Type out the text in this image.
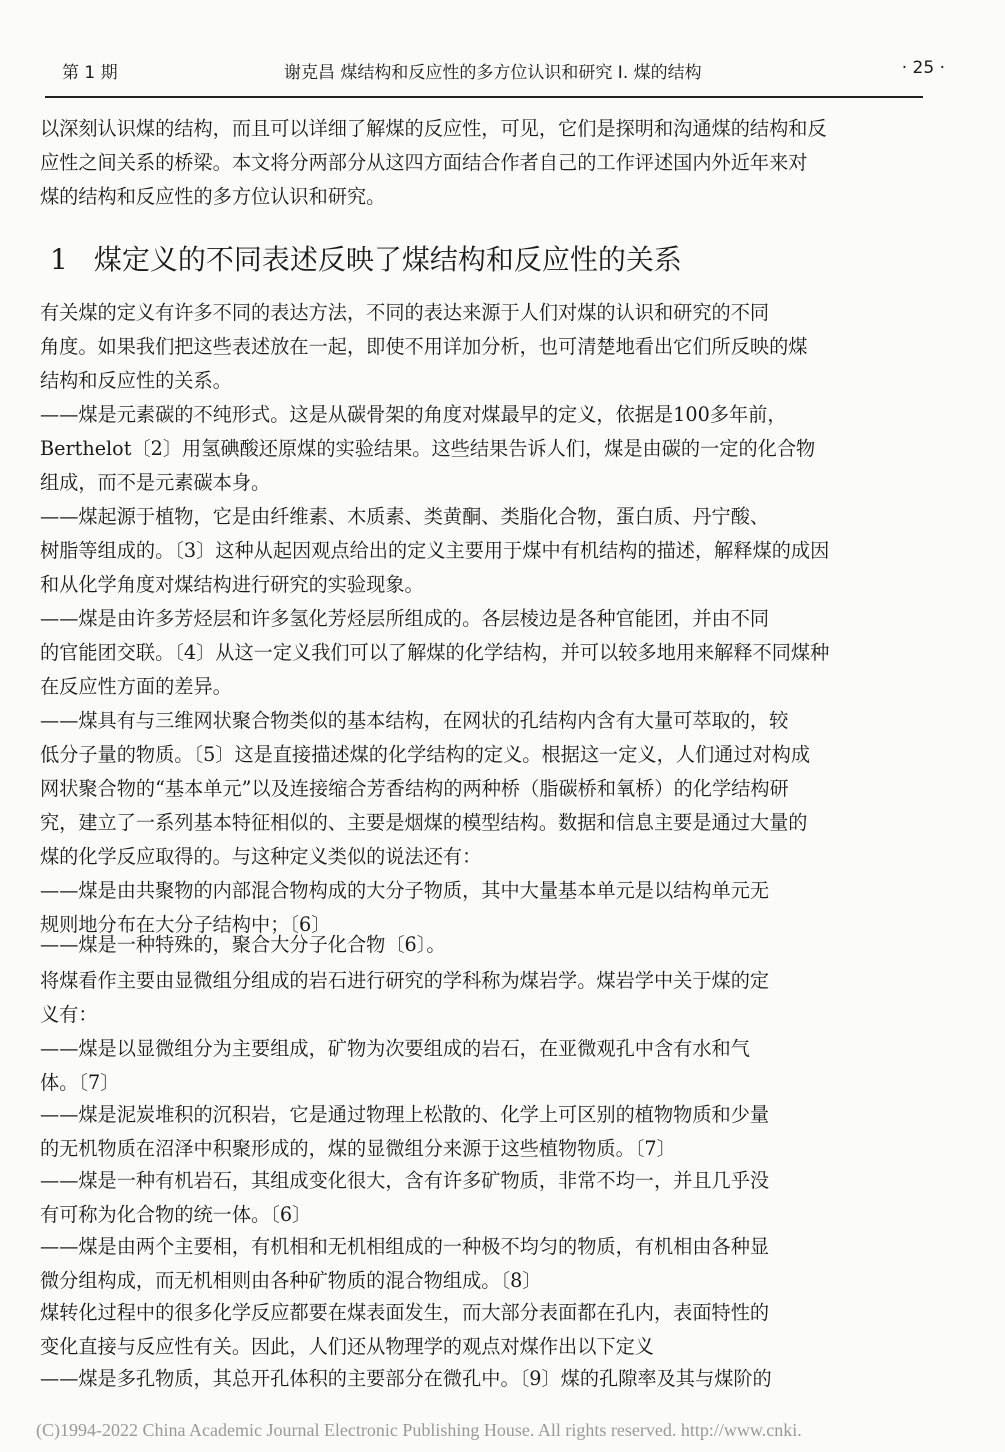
第 1 期	谢克昌 煤结构和反应性的多方位认识和研究 Ⅰ. 煤的结构	· 25 ·
以深刻认识煤的结构，而且可以详细了解煤的反应性，可见，它们是探明和沟通煤的结构和反
应性之间关系的桥梁。本文将分两部分从这四方面结合作者自己的工作评述国内外近年来对
煤的结构和反应性的多方位认识和研究。
1 煤定义的不同表述反映了煤结构和反应性的关系
有关煤的定义有许多不同的表达方法，不同的表达来源于人们对煤的认识和研究的不同
角度。如果我们把这些表述放在一起，即使不用详加分析，也可清楚地看出它们所反映的煤
结构和反应性的关系。
——煤是元素碳的不纯形式。这是从碳骨架的角度对煤最早的定义，依据是100多年前，
Berthelot〔2〕用氢碘酸还原煤的实验结果。这些结果告诉人们，煤是由碳的一定的化合物
组成，而不是元素碳本身。
——煤起源于植物，它是由纤维素、木质素、类黄酮、类脂化合物，蛋白质、丹宁酸、
树脂等组成的。〔3〕这种从起因观点给出的定义主要用于煤中有机结构的描述，解释煤的成因
和从化学角度对煤结构进行研究的实验现象。
——煤是由许多芳烃层和许多氢化芳烃层所组成的。各层棱边是各种官能团，并由不同
的官能团交联。〔4〕从这一定义我们可以了解煤的化学结构，并可以较多地用来解释不同煤种
在反应性方面的差异。
——煤具有与三维网状聚合物类似的基本结构，在网状的孔结构内含有大量可萃取的，较
低分子量的物质。〔5〕这是直接描述煤的化学结构的定义。根据这一定义，人们通过对构成
网状聚合物的“基本单元”以及连接缩合芳香结构的两种桥（脂碳桥和氧桥）的化学结构研
究，建立了一系列基本特征相似的、主要是烟煤的模型结构。数据和信息主要是通过大量的
煤的化学反应取得的。与这种定义类似的说法还有：
——煤是由共聚物的内部混合物构成的大分子物质，其中大量基本单元是以结构单元无
规则地分布在大分子结构中；〔6〕
——煤是一种特殊的，聚合大分子化合物〔6〕。
将煤看作主要由显微组分组成的岩石进行研究的学科称为煤岩学。煤岩学中关于煤的定
义有：
——煤是以显微组分为主要组成，矿物为次要组成的岩石，在亚微观孔中含有水和气
体。〔7〕
——煤是泥炭堆积的沉积岩，它是通过物理上松散的、化学上可区别的植物物质和少量
的无机物质在沼泽中积聚形成的，煤的显微组分来源于这些植物物质。〔7〕
——煤是一种有机岩石，其组成变化很大，含有许多矿物质，非常不均一，并且几乎没
有可称为化合物的统一体。〔6〕
——煤是由两个主要相，有机相和无机相组成的一种极不均匀的物质，有机相由各种显
微分组构成，而无机相则由各种矿物质的混合物组成。〔8〕
煤转化过程中的很多化学反应都要在煤表面发生，而大部分表面都在孔内，表面特性的
变化直接与反应性有关。因此，人们还从物理学的观点对煤作出以下定义
——煤是多孔物质，其总开孔体积的主要部分在微孔中。〔9〕煤的孔隙率及其与煤阶的
(C)1994-2022 China Academic Journal Electronic Publishing House. All rights reserved. http://www.cnki.
